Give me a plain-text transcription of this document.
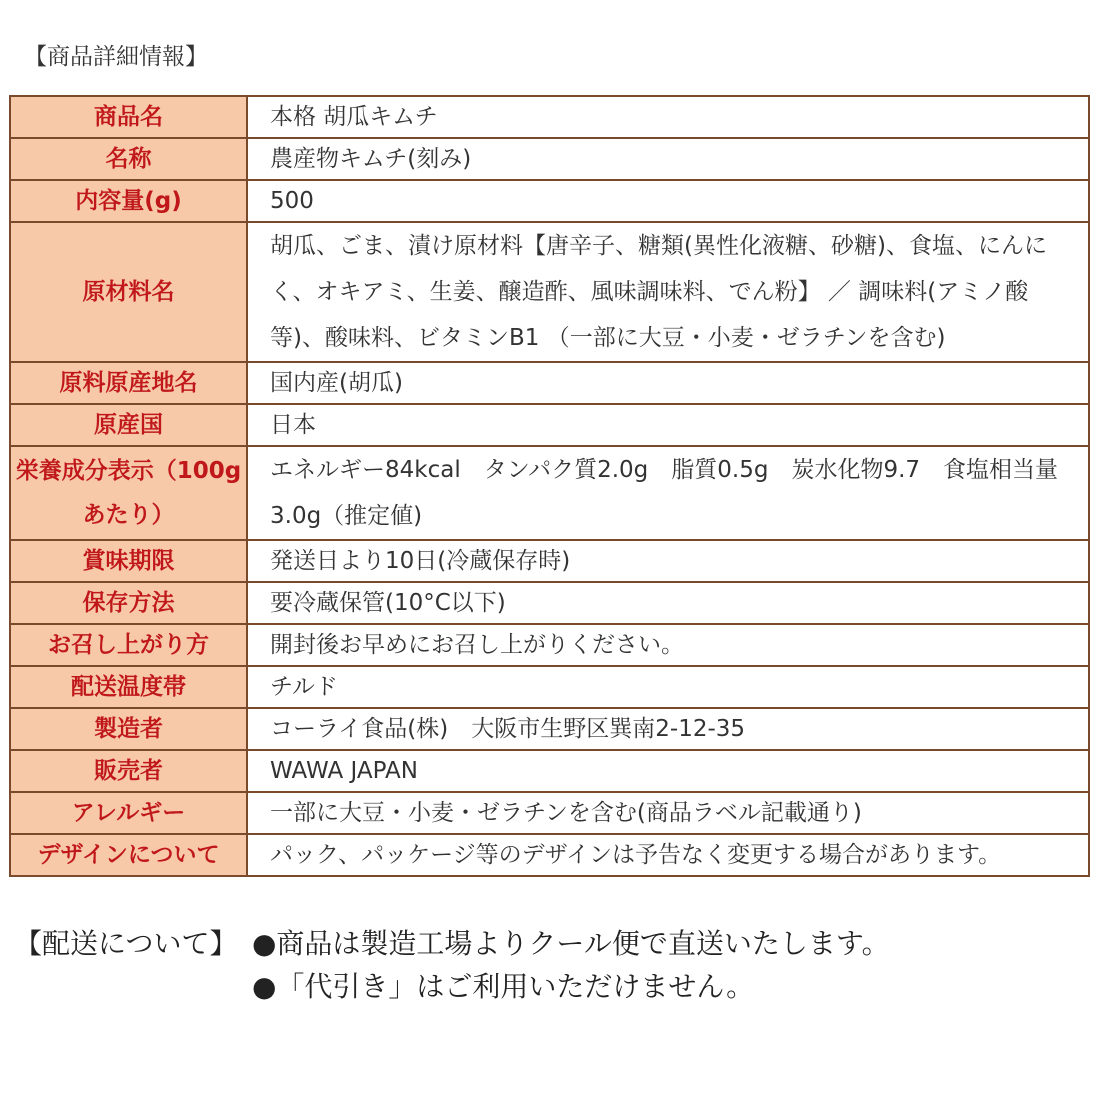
【商品詳細情報】
商品名	本格 胡瓜キムチ
名称	農産物キムチ(刻み)
内容量(g)	500
原材料名	胡瓜、ごま、漬け原材料【唐辛子、糖類(異性化液糖、砂糖)、食塩、にんにく、オキアミ、生姜、醸造酢、風味調味料、でん粉】 ／ 調味料(アミノ酸等)、酸味料、ビタミンB1 （一部に大豆・小麦・ゼラチンを含む)
原料原産地名	国内産(胡瓜)
原産国	日本
栄養成分表示（100gあたり）	エネルギー84kcal　タンパク質2.0g　脂質0.5g　炭水化物9.7　食塩相当量3.0g（推定値)
賞味期限	発送日より10日(冷蔵保存時)
保存方法	要冷蔵保管(10°C以下)
お召し上がり方	開封後お早めにお召し上がりください。
配送温度帯	チルド
製造者	コーライ食品(株)　大阪市生野区巽南2-12-35
販売者	WAWA JAPAN
アレルギー	一部に大豆・小麦・ゼラチンを含む(商品ラベル記載通り)
デザインについて	パック、パッケージ等のデザインは予告なく変更する場合があります。
【配送について】 ●商品は製造工場よりクール便で直送いたします。
●「代引き」はご利用いただけません。
